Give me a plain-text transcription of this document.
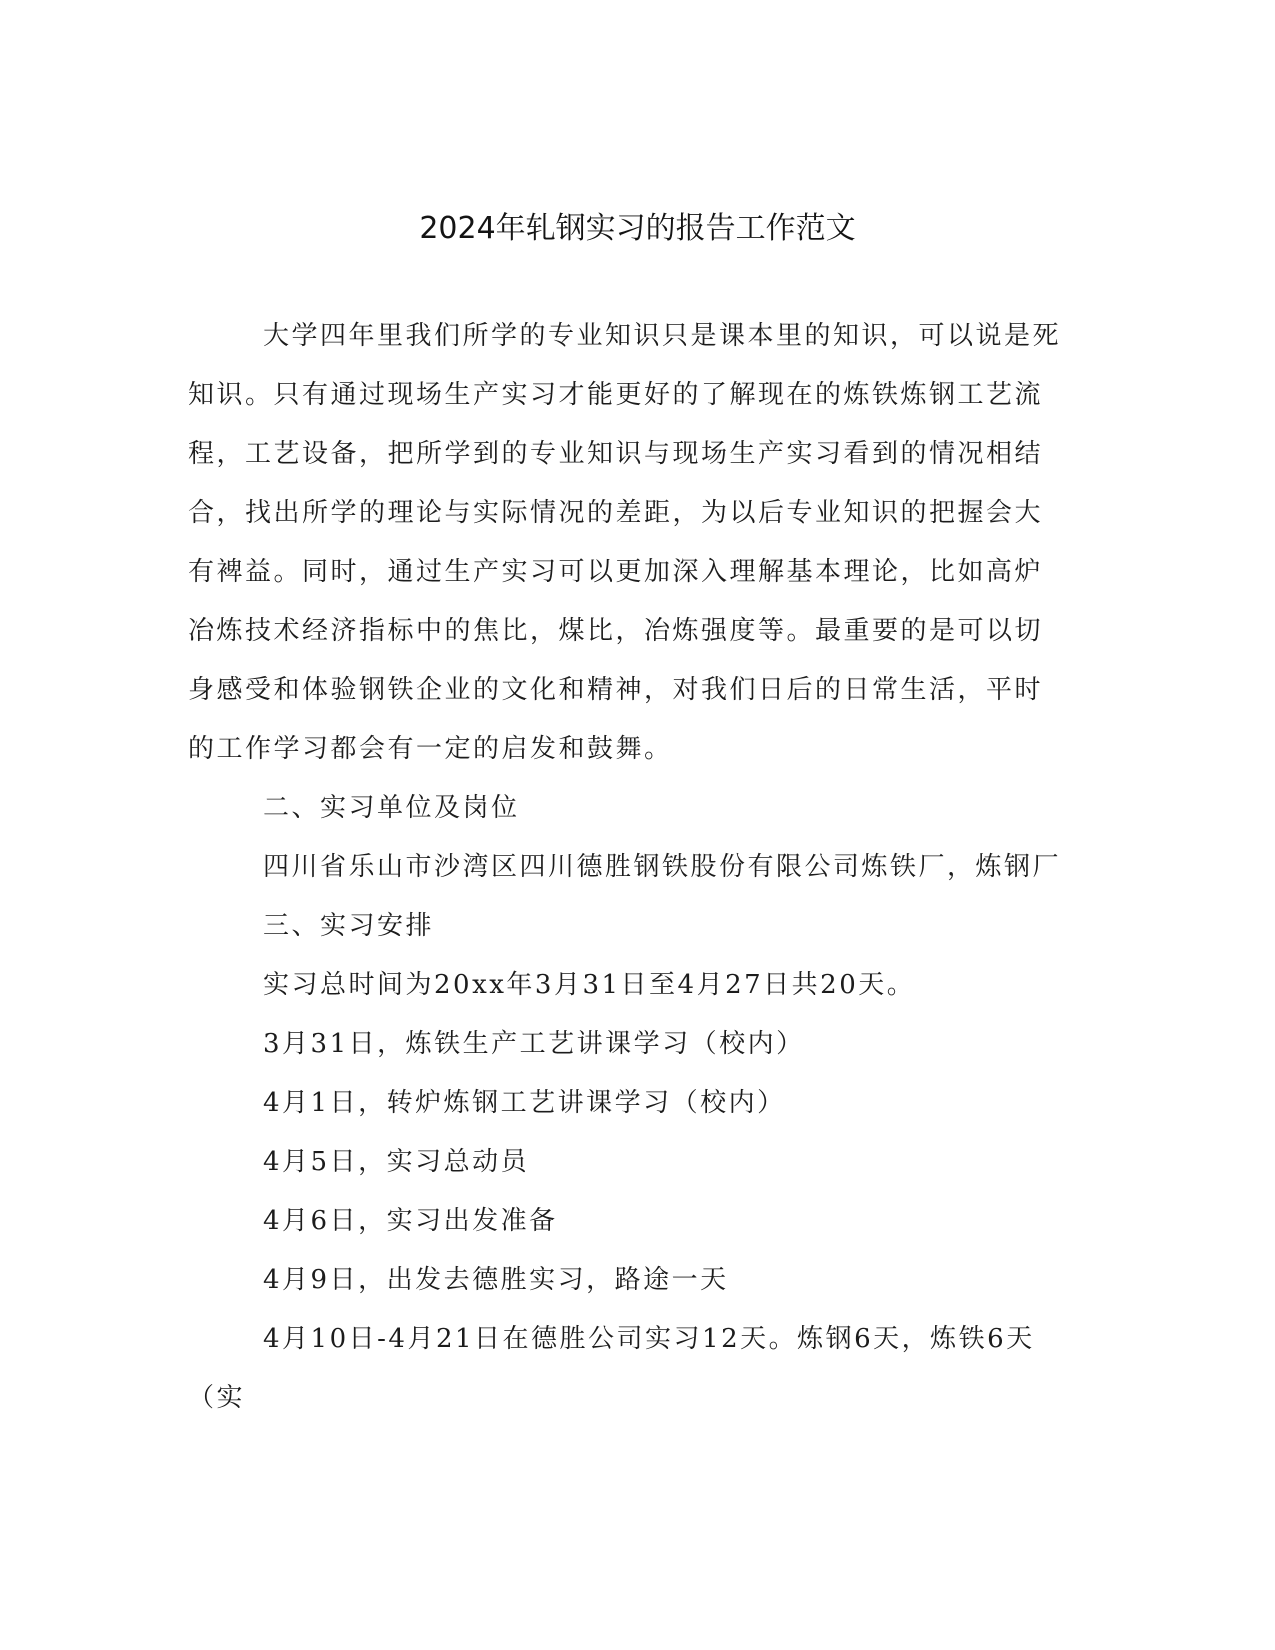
2024年轧钢实习的报告工作范文

大学四年里我们所学的专业知识只是课本里的知识，可以说是死

知识。只有通过现场生产实习才能更好的了解现在的炼铁炼钢工艺流

程，工艺设备，把所学到的专业知识与现场生产实习看到的情况相结

合，找出所学的理论与实际情况的差距，为以后专业知识的把握会大

有裨益。同时，通过生产实习可以更加深入理解基本理论，比如高炉

冶炼技术经济指标中的焦比，煤比，冶炼强度等。最重要的是可以切

身感受和体验钢铁企业的文化和精神，对我们日后的日常生活，平时

的工作学习都会有一定的启发和鼓舞。

二、实习单位及岗位

四川省乐山市沙湾区四川德胜钢铁股份有限公司炼铁厂，炼钢厂

三、实习安排

实习总时间为20xx年3月31日至4月27日共20天。

3月31日，炼铁生产工艺讲课学习（校内）

4月1日，转炉炼钢工艺讲课学习（校内）

4月5日，实习总动员

4月6日，实习出发准备

4月9日，出发去德胜实习，路途一天

4月10日-4月21日在德胜公司实习12天。炼钢6天，炼铁6天

（实
